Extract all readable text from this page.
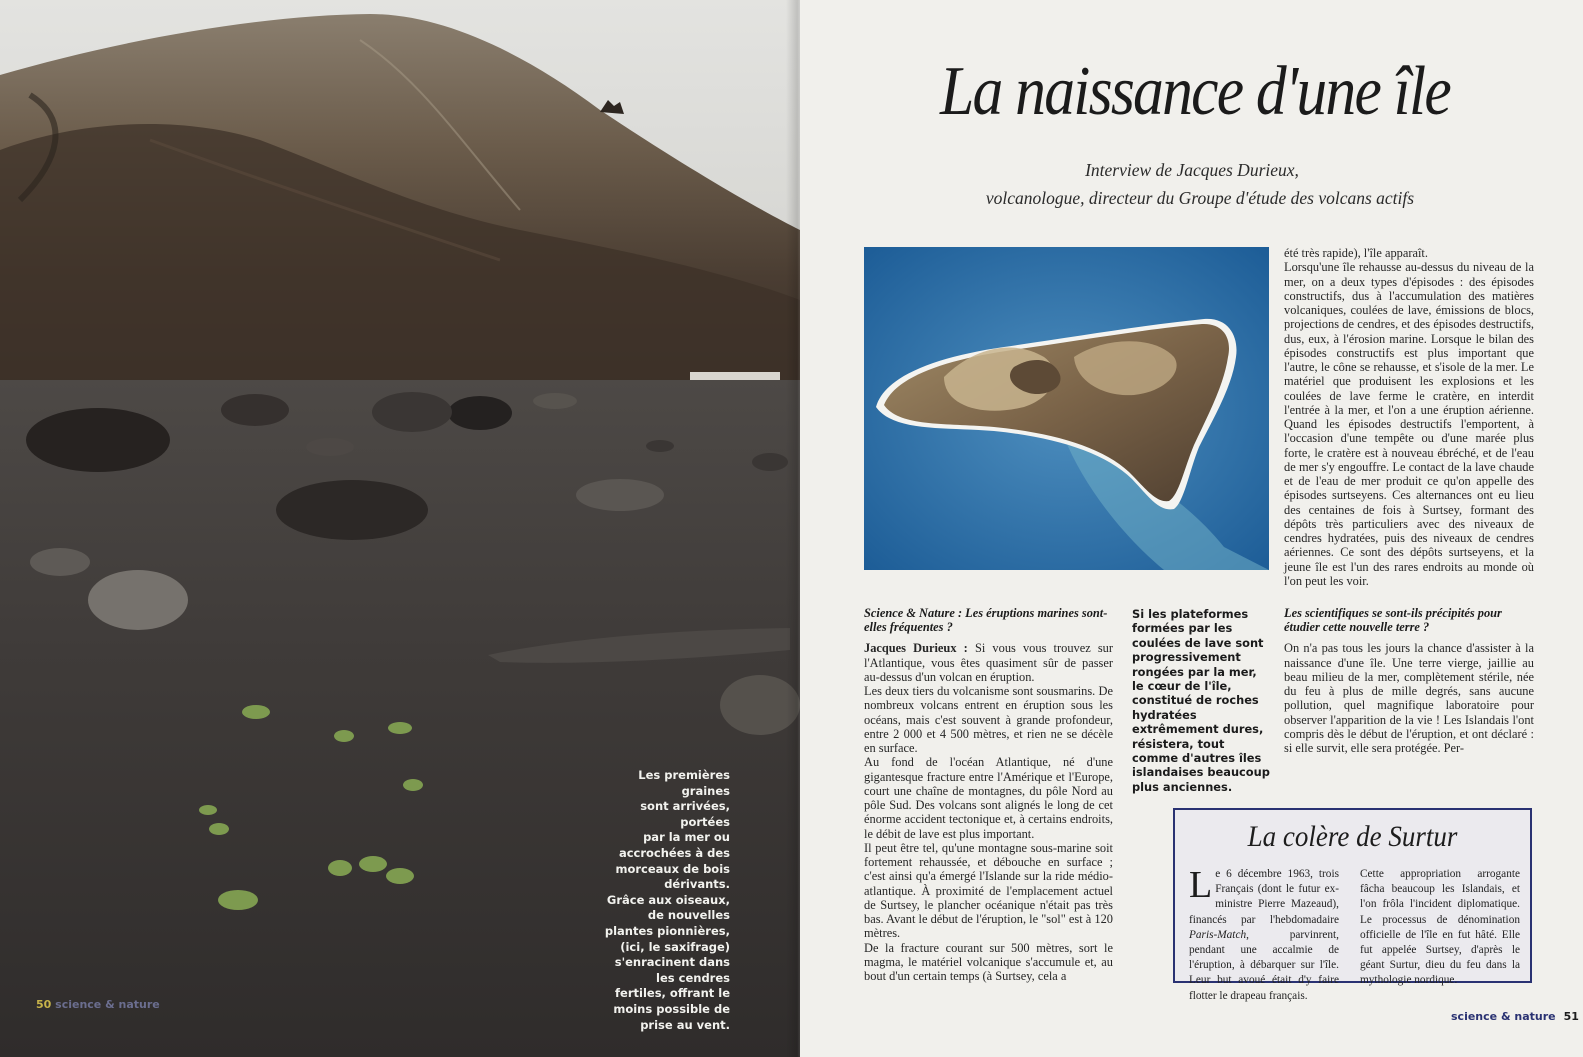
Les premières graines
sont arrivées, portées
par la mer ou
accrochées à des
morceaux de bois
dérivants.
Grâce aux oiseaux,
de nouvelles
plantes pionnières,
(ici, le saxifrage)
s'enracinent dans
les cendres
fertiles, offrant le
moins possible de
prise au vent.
50 science & nature
La naissance d'une île
Interview de Jacques Durieux,
volcanologue, directeur du Groupe d'étude des volcans actifs

Science & Nature : Les éruptions marines sont-elles fréquentes ?

Jacques Durieux : Si vous vous trouvez sur l'Atlantique, vous êtes quasiment sûr de passer au-dessus d'un volcan en éruption.

Les deux tiers du volcanisme sont sousmarins. De nombreux volcans entrent en éruption sous les océans, mais c'est souvent à grande profondeur, entre 2 000 et 4 500 mètres, et rien ne se décèle en surface.

Au fond de l'océan Atlantique, né d'une gigantesque fracture entre l'Amérique et l'Europe, court une chaîne de montagnes, du pôle Nord au pôle Sud. Des volcans sont alignés le long de cet énorme accident tectonique et, à certains endroits, le débit de lave est plus important.

Il peut être tel, qu'une montagne sous-marine soit fortement rehaussée, et débouche en surface ; c'est ainsi qu'a émergé l'Islande sur la ride médio-atlantique. À proximité de l'emplacement actuel de Surtsey, le plancher océanique n'était pas très bas. Avant le début de l'éruption, le "sol" est à 120 mètres.

De la fracture courant sur 500 mètres, sort le magma, le matériel volcanique s'accumule et, au bout d'un certain temps (à Surtsey, cela a

Si les plateformes formées par les coulées de lave sont progressivement rongées par la mer, le cœur de l'île, constitué de roches hydratées extrêmement dures, résistera, tout comme d'autres îles islandaises beaucoup plus anciennes.

été très rapide), l'île apparaît.

Lorsqu'une île rehausse au-dessus du niveau de la mer, on a deux types d'épisodes : des épisodes constructifs, dus à l'accumulation des matières volcaniques, coulées de lave, émissions de blocs, projections de cendres, et des épisodes destructifs, dus, eux, à l'érosion marine. Lorsque le bilan des épisodes constructifs est plus important que l'autre, le cône se rehausse, et s'isole de la mer. Le matériel que produisent les explosions et les coulées de lave ferme le cratère, en interdit l'entrée à la mer, et l'on a une éruption aérienne. Quand les épisodes destructifs l'emportent, à l'occasion d'une tempête ou d'une marée plus forte, le cratère est à nouveau ébréché, et de l'eau de mer s'y engouffre. Le contact de la lave chaude et de l'eau de mer produit ce qu'on appelle des épisodes surtseyens. Ces alternances ont eu lieu des centaines de fois à Surtsey, formant des dépôts très particuliers avec des niveaux de cendres hydratées, puis des niveaux de cendres aériennes. Ce sont des dépôts surtseyens, et la jeune île est l'un des rares endroits au monde où l'on peut les voir.

Les scientifiques se sont-ils précipités pour étudier cette nouvelle terre ?

On n'a pas tous les jours la chance d'assister à la naissance d'une île. Une terre vierge, jaillie au beau milieu de la mer, complètement stérile, née du feu à plus de mille degrés, sans aucune pollution, quel magnifique laboratoire pour observer l'apparition de la vie ! Les Islandais l'ont compris dès le début de l'éruption, et ont déclaré : si elle survit, elle sera protégée. Per-

La colère de Surtur
Le 6 décembre 1963, trois Français (dont le futur ex-ministre Pierre Mazeaud), financés par l'hebdomadaire Paris-Match, parvinrent, pendant une accalmie de l'éruption, à débarquer sur l'île. Leur but avoué était d'y faire flotter le drapeau français.
Cette appropriation arrogante fâcha beaucoup les Islandais, et l'on frôla l'incident diplomatique. Le processus de dénomination officielle de l'île en fut hâté. Elle fut appelée Surtsey, d'après le géant Surtur, dieu du feu dans la mythologie nordique.
science & nature 51
